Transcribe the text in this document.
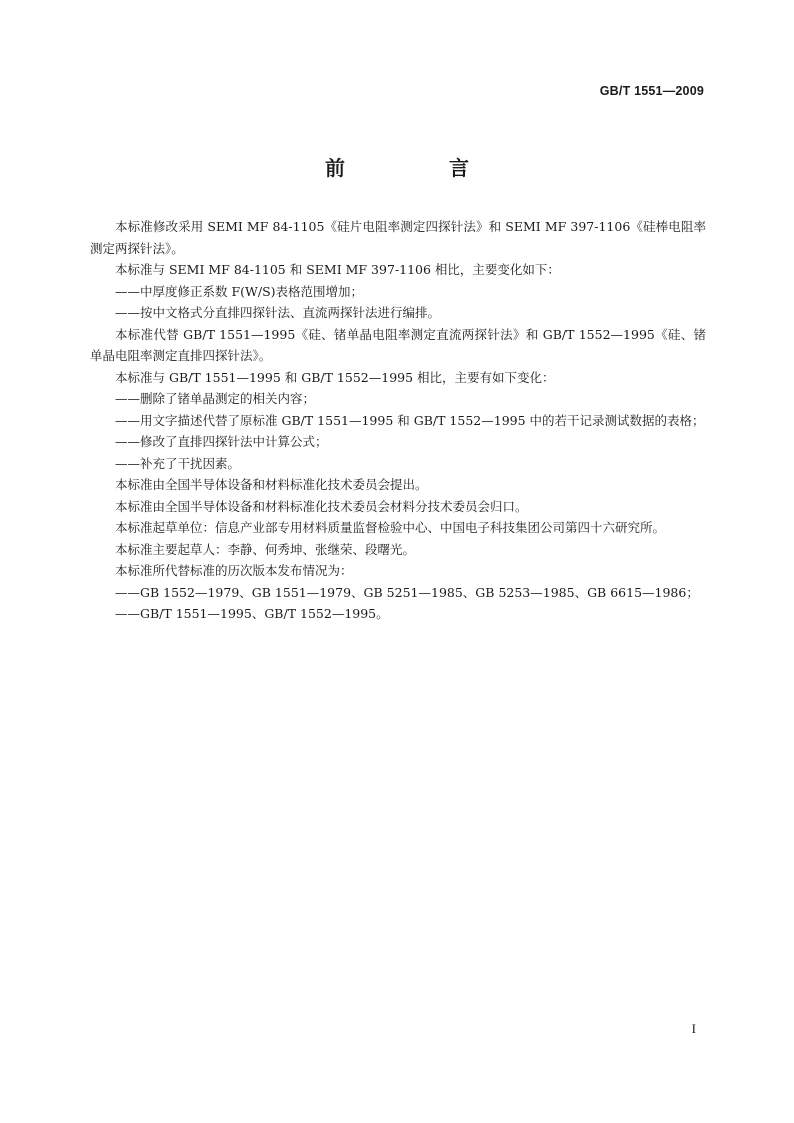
GB/T 1551—2009
前　言

本标准修改采用 SEMI MF 84-1105《硅片电阻率测定四探针法》和 SEMI MF 397-1106《硅棒电阻率测定两探针法》。

本标准与 SEMI MF 84-1105 和 SEMI MF 397-1106 相比，主要变化如下：

——中厚度修正系数 F(W/S)表格范围增加；

——按中文格式分直排四探针法、直流两探针法进行编排。

本标准代替 GB/T 1551—1995《硅、锗单晶电阻率测定直流两探针法》和 GB/T 1552—1995《硅、锗单晶电阻率测定直排四探针法》。

本标准与 GB/T 1551—1995 和 GB/T 1552—1995 相比，主要有如下变化：

——删除了锗单晶测定的相关内容；

——用文字描述代替了原标准 GB/T 1551—1995 和 GB/T 1552—1995 中的若干记录测试数据的表格；

——修改了直排四探针法中计算公式；

——补充了干扰因素。

本标准由全国半导体设备和材料标准化技术委员会提出。

本标准由全国半导体设备和材料标准化技术委员会材料分技术委员会归口。

本标准起草单位：信息产业部专用材料质量监督检验中心、中国电子科技集团公司第四十六研究所。

本标准主要起草人：李静、何秀坤、张继荣、段曙光。

本标准所代替标准的历次版本发布情况为：

——GB 1552—1979、GB 1551—1979、GB 5251—1985、GB 5253—1985、GB 6615—1986；

——GB/T 1551—1995、GB/T 1552—1995。

I
